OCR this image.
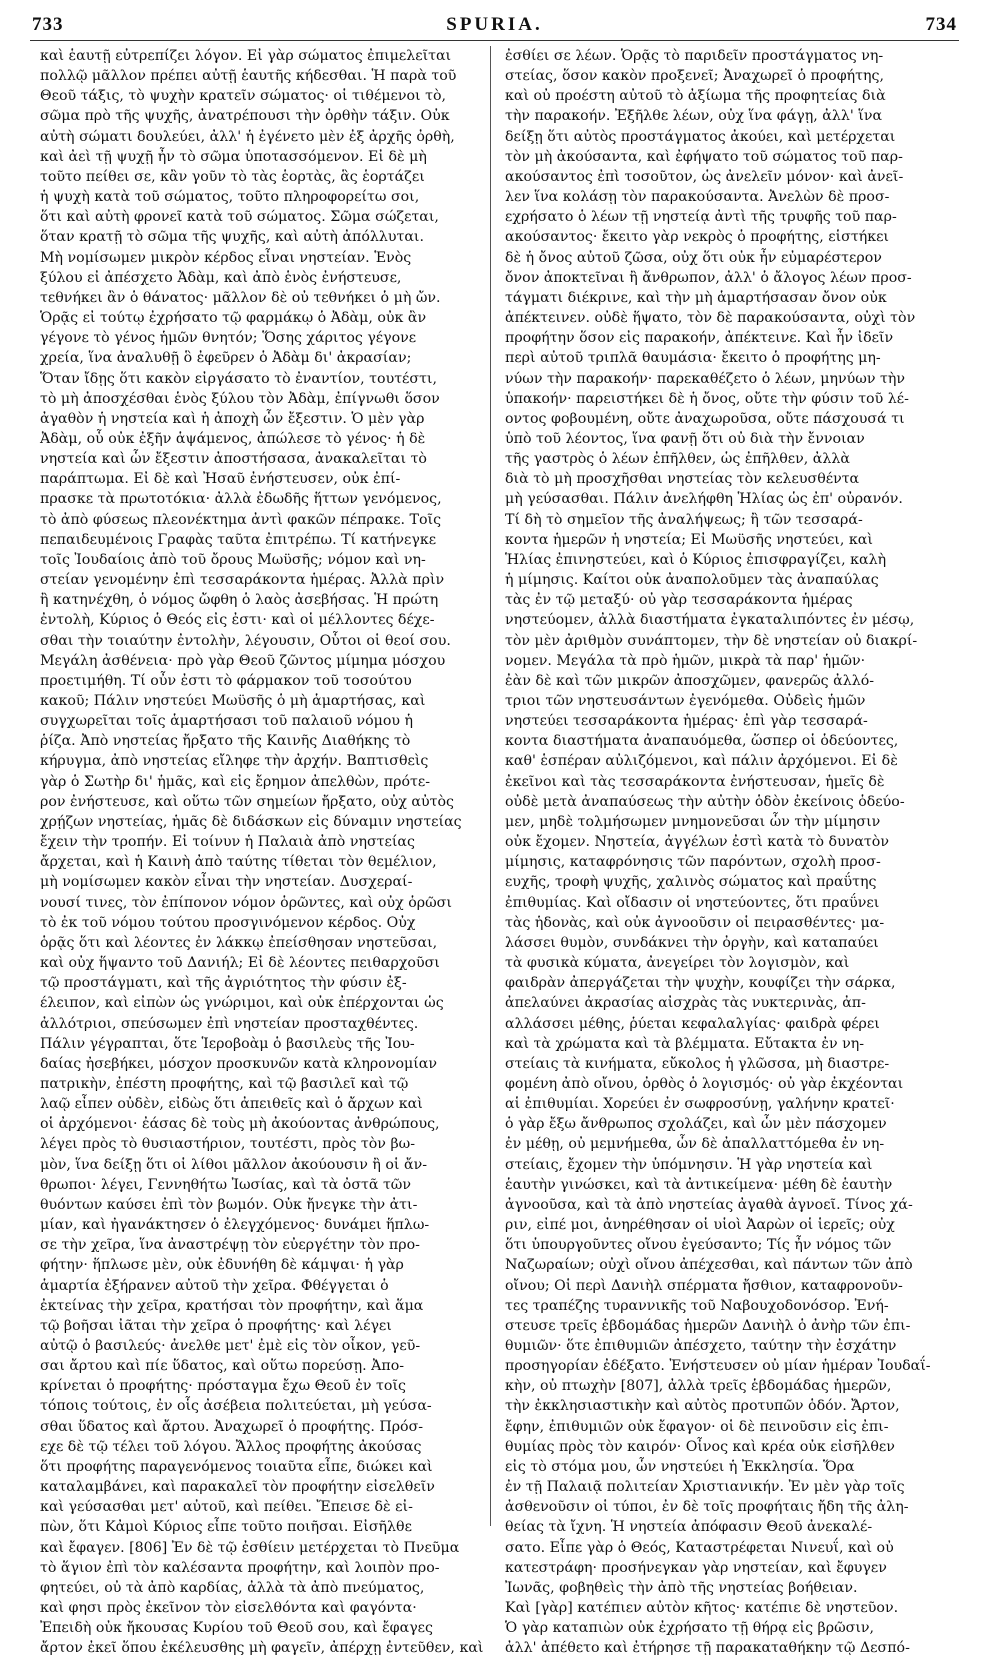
733	SPURIA.	734
καὶ ἑαυτῇ εὐτρεπίζει λόγον. Εἰ γὰρ σώματος ἐπιμελεῖται
πολλῷ μᾶλλον πρέπει αὐτῇ ἑαυτῆς κήδεσθαι. Ἡ παρὰ τοῦ
Θεοῦ τάξις, τὸ ψυχὴν κρατεῖν σώματος· οἱ τιθέμενοι τὸ,
σῶμα πρὸ τῆς ψυχῆς, ἀνατρέπουσι τὴν ὀρθὴν τάξιν. Οὐκ
αὐτὴ σώματι δουλεύει, ἀλλ' ἡ ἐγένετο μὲν ἐξ ἀρχῆς ὀρθὴ,
καὶ ἀεὶ τῇ ψυχῇ ἦν τὸ σῶμα ὑποτασσόμενον. Εἰ δὲ μὴ
τοῦτο πείθει σε, κἂν γοῦν τὸ τὰς ἑορτὰς, ἃς ἑορτάζει
ἡ ψυχὴ κατὰ τοῦ σώματος, τοῦτο πληροφορείτω σοι,
ὅτι καὶ αὐτὴ φρονεῖ κατὰ τοῦ σώματος. Σῶμα σώζεται,
ὅταν κρατῇ τὸ σῶμα τῆς ψυχῆς, καὶ αὐτὴ ἀπόλλυται.
Μὴ νομίσωμεν μικρὸν κέρδος εἶναι νηστείαν. Ἑνὸς
ξύλου εἰ ἀπέσχετο Ἀδὰμ, καὶ ἀπὸ ἑνὸς ἐνήστευσε,
τεθνήκει ἂν ὁ θάνατος· μᾶλλον δὲ οὐ τεθνήκει ὁ μὴ ὤν.
Ὁρᾷς εἰ τούτῳ ἐχρήσατο τῷ φαρμάκῳ ὁ Ἀδὰμ, οὐκ ἂν
γέγονε τὸ γένος ἡμῶν θνητόν; Ὅσης χάριτος γέγονε
χρεία, ἵνα ἀναλυθῇ ὃ ἐφεῦρεν ὁ Ἀδὰμ δι' ἀκρασίαν;
Ὅταν ἴδῃς ὅτι κακὸν εἰργάσατο τὸ ἐναντίον, τουτέστι,
τὸ μὴ ἀποσχέσθαι ἑνὸς ξύλου τὸν Ἀδὰμ, ἐπίγνωθι ὅσον
ἀγαθὸν ἡ νηστεία καὶ ἡ ἀποχὴ ὧν ἔξεστιν. Ὁ μὲν γὰρ
Ἀδὰμ, οὗ οὐκ ἐξῆν ἁψάμενος, ἀπώλεσε τὸ γένος· ἡ δὲ
νηστεία καὶ ὧν ἔξεστιν ἀποστήσασα, ἀνακαλεῖται τὸ
παράπτωμα. Εἰ δὲ καὶ Ἠσαῦ ἐνήστευσεν, οὐκ ἐπί-
πρασκε τὰ πρωτοτόκια· ἀλλὰ ἐδωδῆς ἥττων γενόμενος,
τὸ ἀπὸ φύσεως πλεονέκτημα ἀντὶ φακῶν πέπρακε. Τοῖς
πεπαιδευμένοις Γραφὰς ταῦτα ἐπιτρέπω. Τί κατήνεγκε
τοῖς Ἰουδαίοις ἀπὸ τοῦ ὄρους Μωϋσῆς; νόμον καὶ νη-
στείαν γενομένην ἐπὶ τεσσαράκοντα ἡμέρας. Ἀλλὰ πρὶν
ἢ κατηνέχθη, ὁ νόμος ὤφθη ὁ λαὸς ἀσεβήσας. Ἡ πρώτη
ἐντολὴ, Κύριος ὁ Θεός εἰς ἐστι· καὶ οἱ μέλλοντες δέχε-
σθαι τὴν τοιαύτην ἐντολὴν, λέγουσιν, Οὗτοι οἱ θεοί σου.
Μεγάλη ἀσθένεια· πρὸ γὰρ Θεοῦ ζῶντος μίμημα μόσχου
προετιμήθη. Τί οὖν ἐστι τὸ φάρμακον τοῦ τοσούτου
κακοῦ; Πάλιν νηστεύει Μωϋσῆς ὁ μὴ ἁμαρτήσας, καὶ
συγχωρεῖται τοῖς ἁμαρτήσασι τοῦ παλαιοῦ νόμου ἡ
ῥίζα. Ἀπὸ νηστείας ἤρξατο τῆς Καινῆς Διαθήκης τὸ
κήρυγμα, ἀπὸ νηστείας εἴληφε τὴν ἀρχήν. Βαπτισθεὶς
γὰρ ὁ Σωτὴρ δι' ἡμᾶς, καὶ εἰς ἔρημον ἀπελθὼν, πρότε-
ρον ἐνήστευσε, καὶ οὕτω τῶν σημείων ἤρξατο, οὐχ αὐτὸς
χρῄζων νηστείας, ἡμᾶς δὲ διδάσκων εἰς δύναμιν νηστείας
ἔχειν τὴν τροπήν. Εἰ τοίνυν ἡ Παλαιὰ ἀπὸ νηστείας
ἄρχεται, καὶ ἡ Καινὴ ἀπὸ ταύτης τίθεται τὸν θεμέλιον,
μὴ νομίσωμεν κακὸν εἶναι τὴν νηστείαν. Δυσχεραί-
νουσί τινες, τὸν ἐπίπονον νόμον ὁρῶντες, καὶ οὐχ ὁρῶσι
τὸ ἐκ τοῦ νόμου τούτου προσγινόμενον κέρδος. Οὐχ
ὁρᾷς ὅτι καὶ λέοντες ἐν λάκκῳ ἐπείσθησαν νηστεῦσαι,
καὶ οὐχ ἥψαντο τοῦ Δανιήλ; Εἰ δὲ λέοντες πειθαρχοῦσι
τῷ προστάγματι, καὶ τῆς ἀγριότητος τὴν φύσιν ἐξ-
έλειπον, καὶ εἰπὼν ὡς γνώριμοι, καὶ οὐκ ἐπέρχονται ὡς
ἀλλότριοι, σπεύσωμεν ἐπὶ νηστείαν προσταχθέντες.
Πάλιν γέγραπται, ὅτε Ἱεροβοὰμ ὁ βασιλεὺς τῆς Ἰου-
δαίας ἠσεβήκει, μόσχον προσκυνῶν κατὰ κληρονομίαν
πατρικὴν, ἐπέστη προφήτης, καὶ τῷ βασιλεῖ καὶ τῷ
λαῷ εἶπεν οὐδὲν, εἰδὼς ὅτι ἀπειθεῖς καὶ ὁ ἄρχων καὶ
οἱ ἀρχόμενοι· ἐάσας δὲ τοὺς μὴ ἀκούοντας ἀνθρώπους,
λέγει πρὸς τὸ θυσιαστήριον, τουτέστι, πρὸς τὸν βω-
μὸν, ἵνα δείξῃ ὅτι οἱ λίθοι μᾶλλον ἀκούουσιν ἢ οἱ ἄν-
θρωποι· λέγει, Γεννηθήτω Ἰωσίας, καὶ τὰ ὀστᾶ τῶν
θυόντων καύσει ἐπὶ τὸν βωμόν. Οὐκ ἤνεγκε τὴν ἀτι-
μίαν, καὶ ἠγανάκτησεν ὁ ἐλεγχόμενος· δυνάμει ἥπλω-
σε τὴν χεῖρα, ἵνα ἀναστρέψῃ τὸν εὐεργέτην τὸν προ-
φήτην· ἥπλωσε μὲν, οὐκ ἐδυνήθη δὲ κάμψαι· ἡ γὰρ
ἁμαρτία ἐξήρανεν αὐτοῦ τὴν χεῖρα. Φθέγγεται ὁ
ἐκτείνας τὴν χεῖρα, κρατήσαι τὸν προφήτην, καὶ ἅμα
τῷ βοῆσαι ἰᾶται τὴν χεῖρα ὁ προφήτης· καὶ λέγει
αὐτῷ ὁ βασιλεύς· ἀνελθε μετ' ἐμὲ εἰς τὸν οἶκον, γεῦ-
σαι ἄρτου καὶ πίε ὕδατος, καὶ οὕτω πορεύσῃ. Ἀπο-
κρίνεται ὁ προφήτης· πρόσταγμα ἔχω Θεοῦ ἐν τοῖς
τόποις τούτοις, ἐν οἷς ἀσέβεια πολιτεύεται, μὴ γεύσα-
σθαι ὕδατος καὶ ἄρτου. Ἀναχωρεῖ ὁ προφήτης. Πρόσ-
εχε δὲ τῷ τέλει τοῦ λόγου. Ἄλλος προφήτης ἀκούσας
ὅτι προφήτης παραγενόμενος τοιαῦτα εἶπε, διώκει καὶ
καταλαμβάνει, καὶ παρακαλεῖ τὸν προφήτην εἰσελθεῖν
καὶ γεύσασθαι μετ' αὐτοῦ, καὶ πείθει. Ἔπεισε δὲ εἰ-
πὼν, ὅτι Κἀμοὶ Κύριος εἶπε τοῦτο ποιῆσαι. Εἰσῆλθε
καὶ ἔφαγεν. [806] Ἐν δὲ τῷ ἐσθίειν μετέρχεται τὸ Πνεῦμα
τὸ ἅγιον ἐπὶ τὸν καλέσαντα προφήτην, καὶ λοιπὸν προ-
φητεύει, οὐ τὰ ἀπὸ καρδίας, ἀλλὰ τὰ ἀπὸ πνεύματος,
καὶ φησι πρὸς ἐκεῖνον τὸν εἰσελθόντα καὶ φαγόντα·
Ἐπειδὴ οὐκ ἤκουσας Κυρίου τοῦ Θεοῦ σου, καὶ ἔφαγες
ἄρτον ἐκεῖ ὅπου ἐκέλευσθης μὴ φαγεῖν, ἀπέρχῃ ἐντεῦθεν, καὶ
ἐσθίει σε λέων. Ὁρᾷς τὸ παριδεῖν προστάγματος νη-
στείας, ὅσον κακὸν προξενεῖ; Ἀναχωρεῖ ὁ προφήτης,
καὶ οὐ προέστη αὐτοῦ τὸ ἀξίωμα τῆς προφητείας διὰ
τὴν παρακοήν. Ἐξῆλθε λέων, οὐχ ἵνα φάγῃ, ἀλλ' ἵνα
δείξῃ ὅτι αὐτὸς προστάγματος ἀκούει, καὶ μετέρχεται
τὸν μὴ ἀκούσαντα, καὶ ἐφήψατο τοῦ σώματος τοῦ παρ-
ακούσαντος ἐπὶ τοσοῦτον, ὡς ἀνελεῖν μόνον· καὶ ἀνεῖ-
λεν ἵνα κολάσῃ τὸν παρακούσαντα. Ἀνελὼν δὲ προσ-
εχρήσατο ὁ λέων τῇ νηστείᾳ ἀντὶ τῆς τρυφῆς τοῦ παρ-
ακούσαντος· ἔκειτο γὰρ νεκρὸς ὁ προφήτης, εἱστήκει
δὲ ἡ ὄνος αὐτοῦ ζῶσα, οὐχ ὅτι οὐκ ἦν εὐμαρέστερον
ὄνον ἀποκτεῖναι ἢ ἄνθρωπον, ἀλλ' ὁ ἄλογος λέων προσ-
τάγματι διέκρινε, καὶ τὴν μὴ ἁμαρτήσασαν ὄνον οὐκ
ἀπέκτεινεν. οὐδὲ ἥψατο, τὸν δὲ παρακούσαντα, οὐχὶ τὸν
προφήτην ὅσον εἰς παρακοήν, ἀπέκτεινε. Καὶ ἦν ἰδεῖν
περὶ αὐτοῦ τριπλᾶ θαυμάσια· ἔκειτο ὁ προφήτης μη-
νύων τὴν παρακοήν· παρεκαθέζετο ὁ λέων, μηνύων τὴν
ὑπακοήν· παρειστήκει δὲ ἡ ὄνος, οὔτε τὴν φύσιν τοῦ λέ-
οντος φοβουμένη, οὔτε ἀναχωροῦσα, οὔτε πάσχουσά τι
ὑπὸ τοῦ λέοντος, ἵνα φανῇ ὅτι οὐ διὰ τὴν ἔννοιαν
τῆς γαστρὸς ὁ λέων ἐπῆλθεν, ὡς ἐπῆλθεν, ἀλλὰ
διὰ τὸ μὴ προσχῆσθαι νηστείας τὸν κελευσθέντα
μὴ γεύσασθαι. Πάλιν ἀνελήφθη Ἡλίας ὡς ἐπ' οὐρανόν.
Τί δὴ τὸ σημεῖον τῆς ἀναλήψεως; ἢ τῶν τεσσαρά-
κοντα ἡμερῶν ἡ νηστεία; Εἰ Μωϋσῆς νηστεύει, καὶ
Ἡλίας ἐπινηστεύει, καὶ ὁ Κύριος ἐπισφραγίζει, καλὴ
ἡ μίμησις. Καίτοι οὐκ ἀναπολοῦμεν τὰς ἀναπαύλας
τὰς ἐν τῷ μεταξύ· οὐ γὰρ τεσσαράκοντα ἡμέρας
νηστεύομεν, ἀλλὰ διαστήματα ἐγκαταλιπόντες ἐν μέσῳ,
τὸν μὲν ἀριθμὸν συνάπτομεν, τὴν δὲ νηστείαν οὐ διακρί-
νομεν. Μεγάλα τὰ πρὸ ἡμῶν, μικρὰ τὰ παρ' ἡμῶν·
ἐὰν δὲ καὶ τῶν μικρῶν ἀποσχῶμεν, φανερῶς ἀλλό-
τριοι τῶν νηστευσάντων ἐγενόμεθα. Οὐδεὶς ἡμῶν
νηστεύει τεσσαράκοντα ἡμέρας· ἐπὶ γὰρ τεσσαρά-
κοντα διαστήματα ἀναπαυόμεθα, ὥσπερ οἱ ὁδεύοντες,
καθ' ἑσπέραν αὐλιζόμενοι, καὶ πάλιν ἀρχόμενοι. Εἰ δὲ
ἐκεῖνοι καὶ τὰς τεσσαράκοντα ἐνήστευσαν, ἡμεῖς δὲ
οὐδὲ μετὰ ἀναπαύσεως τὴν αὐτὴν ὁδὸν ἐκείνοις ὁδεύο-
μεν, μηδὲ τολμήσωμεν μνημονεῦσαι ὧν τὴν μίμησιν
οὐκ ἔχομεν. Νηστεία, ἀγγέλων ἐστὶ κατὰ τὸ δυνατὸν
μίμησις, καταφρόνησις τῶν παρόντων, σχολὴ προσ-
ευχῆς, τροφὴ ψυχῆς, χαλινὸς σώματος καὶ πραΰτης
ἐπιθυμίας. Καὶ οἴδασιν οἱ νηστεύοντες, ὅτι πραΰνει
τὰς ἡδονὰς, καὶ οὐκ ἀγνοοῦσιν οἱ πειρασθέντες· μα-
λάσσει θυμὸν, συνδάκνει τὴν ὀργὴν, καὶ καταπαύει
τὰ φυσικὰ κύματα, ἀνεγείρει τὸν λογισμὸν, καὶ
φαιδρὰν ἀπεργάζεται τὴν ψυχὴν, κουφίζει τὴν σάρκα,
ἀπελαύνει ἀκρασίας αἰσχρὰς τὰς νυκτερινὰς, ἀπ-
αλλάσσει μέθης, ῥύεται κεφαλαλγίας· φαιδρὰ φέρει
καὶ τὰ χρώματα καὶ τὰ βλέμματα. Εὔτακτα ἐν νη-
στείαις τὰ κινήματα, εὔκολος ἡ γλῶσσα, μὴ διαστρε-
φομένη ἀπὸ οἴνου, ὀρθὸς ὁ λογισμός· οὐ γὰρ ἐκχέονται
αἱ ἐπιθυμίαι. Χορεύει ἐν σωφροσύνῃ, γαλήνην κρατεῖ·
ὁ γὰρ ἔξω ἄνθρωπος σχολάζει, καὶ ὧν μὲν πάσχομεν
ἐν μέθῃ, οὐ μεμνήμεθα, ὧν δὲ ἀπαλλαττόμεθα ἐν νη-
στείαις, ἔχομεν τὴν ὑπόμνησιν. Ἡ γὰρ νηστεία καὶ
ἑαυτὴν γινώσκει, καὶ τὰ ἀντικείμενα· μέθη δὲ ἑαυτὴν
ἀγνοοῦσα, καὶ τὰ ἀπὸ νηστείας ἀγαθὰ ἀγνοεῖ. Τίνος χά-
ριν, εἰπέ μοι, ἀνηρέθησαν οἱ υἱοὶ Ἀαρὼν οἱ ἱερεῖς; οὐχ
ὅτι ὑπουργοῦντες οἴνου ἐγεύσαντο; Τίς ἦν νόμος τῶν
Ναζωραίων; οὐχὶ οἴνου ἀπέχεσθαι, καὶ πάντων τῶν ἀπὸ
οἴνου; Οἱ περὶ Δανιὴλ σπέρματα ἤσθιον, καταφρονοῦν-
τες τραπέζης τυραννικῆς τοῦ Ναβουχοδονόσορ. Ἐνή-
στευσε τρεῖς ἑβδομάδας ἡμερῶν Δανιὴλ ὁ ἀνὴρ τῶν ἐπι-
θυμιῶν· ὅτε ἐπιθυμιῶν ἀπέσχετο, ταύτην τὴν ἐσχάτην
προσηγορίαν ἐδέξατο. Ἐνήστευσεν οὐ μίαν ἡμέραν Ἰουδαΐ-
κὴν, οὐ πτωχὴν [807], ἀλλὰ τρεῖς ἑβδομάδας ἡμερῶν,
τὴν ἐκκλησιαστικὴν καὶ αὐτὸς προτυπῶν ὁδόν. Ἄρτον,
ἔφην, ἐπιθυμιῶν οὐκ ἔφαγον· οἱ δὲ πεινοῦσιν εἰς ἐπι-
θυμίας πρὸς τὸν καιρόν· Οἶνος καὶ κρέα οὐκ εἰσῆλθεν
εἰς τὸ στόμα μου, ὧν νηστεύει ἡ Ἐκκλησία. Ὅρα
ἐν τῇ Παλαιᾷ πολιτείαν Χριστιανικήν. Ἐν μὲν γὰρ τοῖς
ἀσθενοῦσιν οἱ τύποι, ἐν δὲ τοῖς προφήταις ἤδη τῆς ἀλη-
θείας τὰ ἴχνη. Ἡ νηστεία ἀπόφασιν Θεοῦ ἀνεκαλέ-
σατο. Εἶπε γὰρ ὁ Θεός, Καταστρέφεται Νινευΐ, καὶ οὐ
κατεστράφη· προσήνεγκαν γὰρ νηστείαν, καὶ ἔφυγεν
Ἰωνᾶς, φοβηθεὶς τὴν ἀπὸ τῆς νηστείας βοήθειαν.
Καὶ [γὰρ] κατέπιεν αὐτὸν κῆτος· κατέπιε δὲ νηστεῦον.
Ὁ γὰρ καταπιὼν οὐκ ἐχρήσατο τῇ θήρᾳ εἰς βρῶσιν,
ἀλλ' ἀπέθετο καὶ ἐτήρησε τῇ παρακαταθήκην τῷ Δεσπό-
